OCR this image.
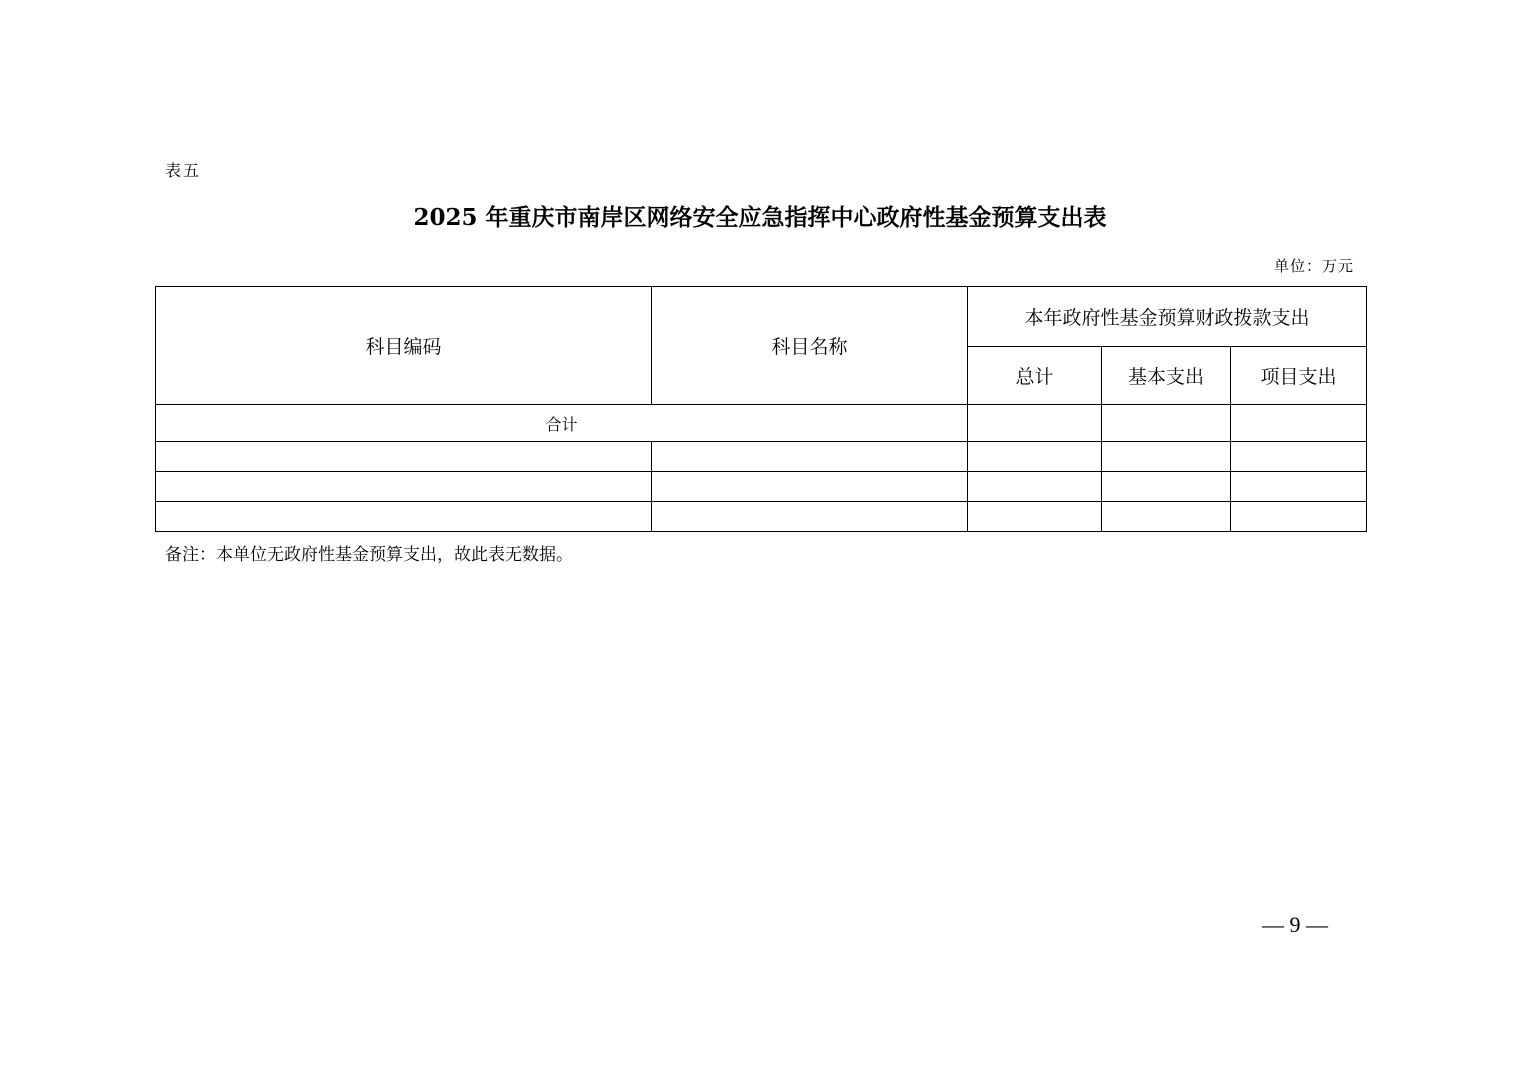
表五
2025 年重庆市南岸区网络安全应急指挥中心政府性基金预算支出表
单位：万元
科目编码	科目名称	本年政府性基金预算财政拨款支出		
		总计	基本支出	项目支出
合计				

备注：本单位无政府性基金预算支出，故此表无数据。
— 9 —
